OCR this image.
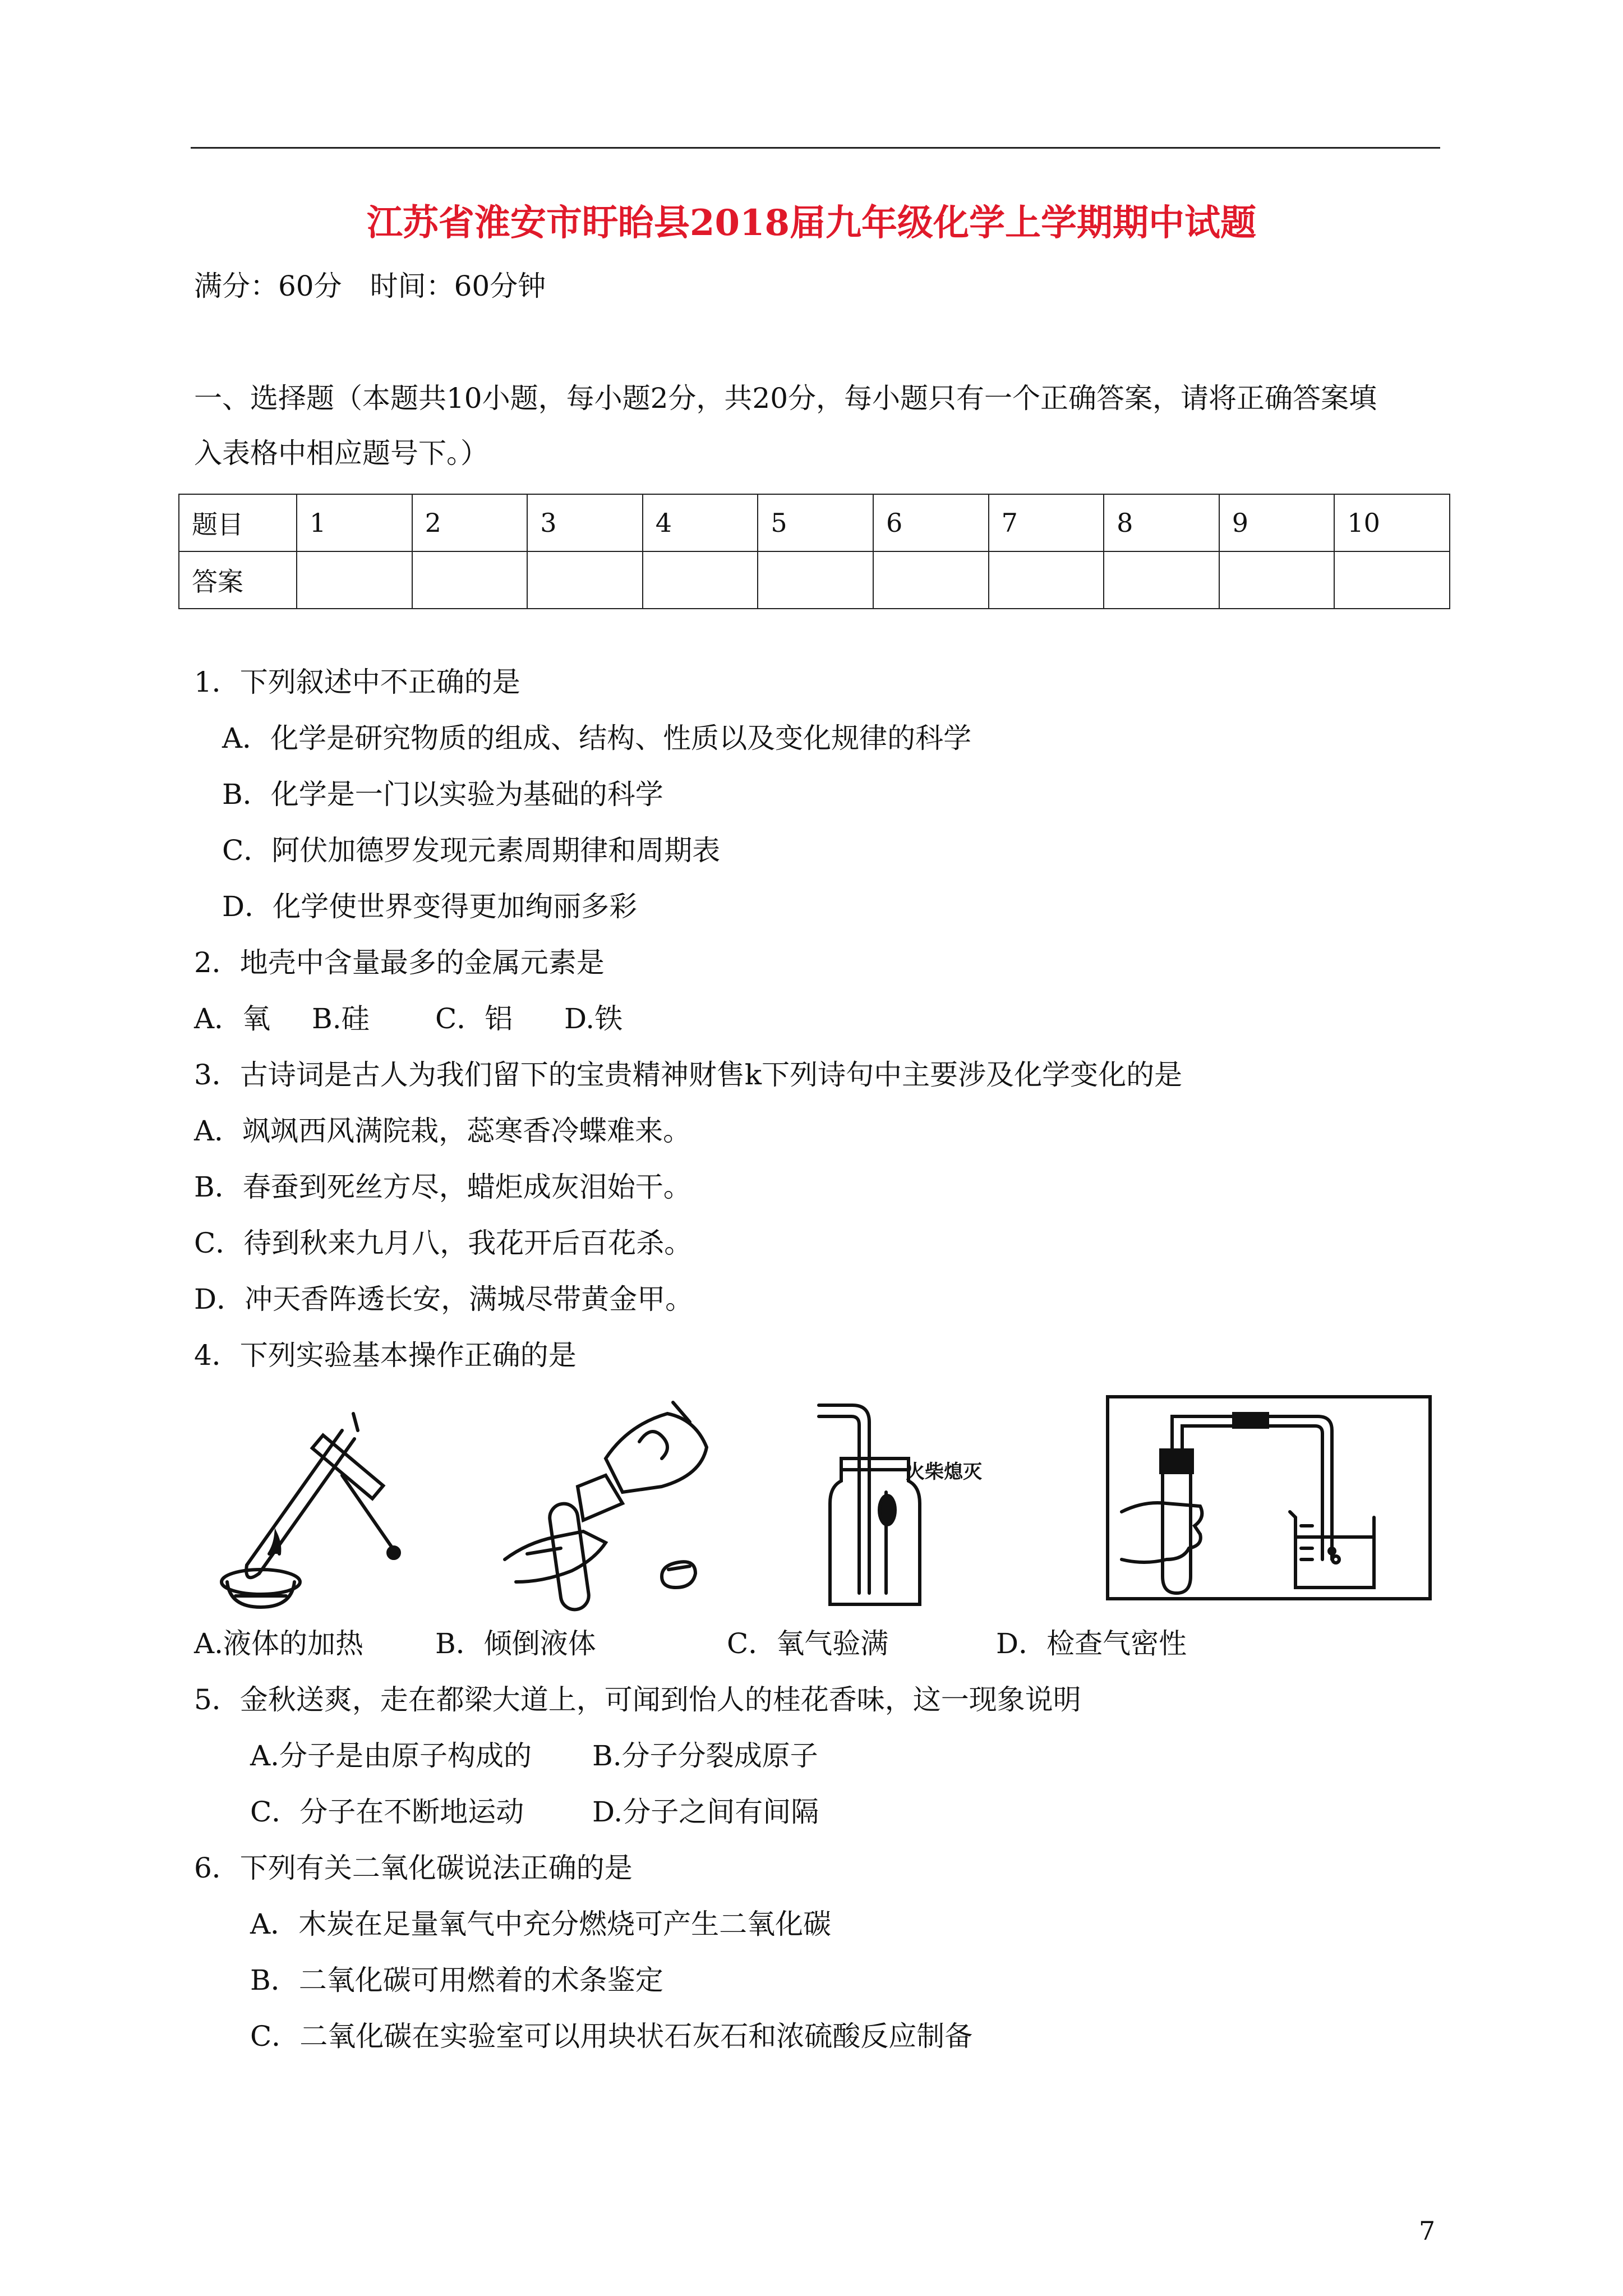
江苏省淮安市盱眙县2018届九年级化学上学期期中试题
满分：60分　时间：60分钟
一、选择题（本题共10小题，每小题2分，共20分，每小题只有一个正确答案，请将正确答案填
入表格中相应题号下。）
题目	1	2	3	4	5	6	7	8	9	10
答案										
1．下列叙述中不正确的是
A．化学是研究物质的组成、结构、性质以及变化规律的科学
B．化学是一门以实验为基础的科学
C．阿伏加德罗发现元素周期律和周期表
D．化学使世界变得更加绚丽多彩
2．地壳中含量最多的金属元素是
A．氧 B.硅 C．铝 D.铁
3．古诗词是古人为我们留下的宝贵精神财售k下列诗句中主要涉及化学变化的是
A．飒飒西风满院栽，蕊寒香冷蝶难来。
B．春蚕到死丝方尽，蜡炬成灰泪始干。
C．待到秋来九月八，我花开后百花杀。
D．冲天香阵透长安，满城尽带黄金甲。
4．下列实验基本操作正确的是
火柴熄灭
A.液体的加热	B．倾倒液体	C．氧气验满	D．检查气密性
5．金秋送爽，走在都梁大道上，可闻到怡人的桂花香味，这一现象说明
A.分子是由原子构成的 B.分子分裂成原子
C．分子在不断地运动 D.分子之间有间隔
6．下列有关二氧化碳说法正确的是
A．木炭在足量氧气中充分燃烧可产生二氧化碳
B．二氧化碳可用燃着的术条鉴定
C．二氧化碳在实验室可以用块状石灰石和浓硫酸反应制备
7
